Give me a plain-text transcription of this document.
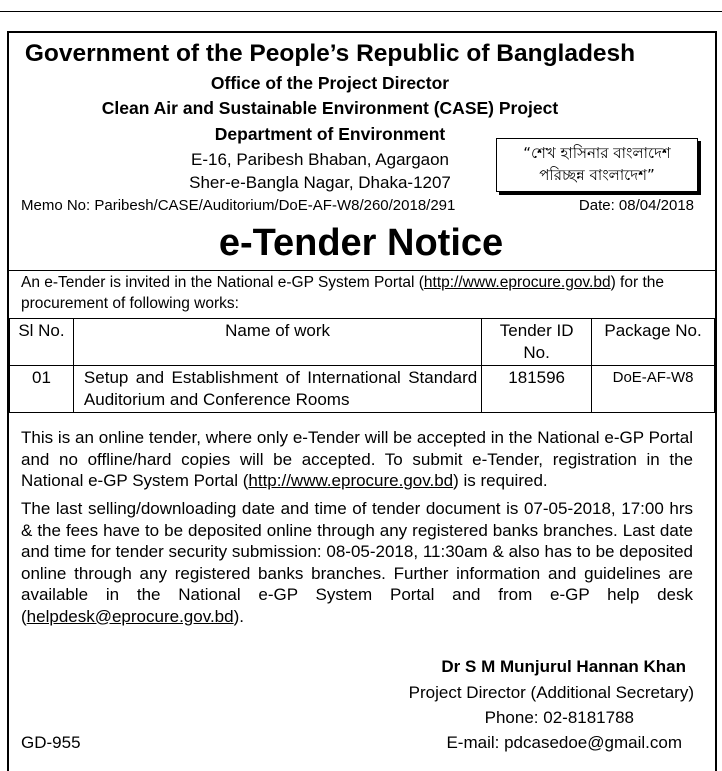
Government of the People’s Republic of Bangladesh
Office of the Project Director
Clean Air and Sustainable Environment (CASE) Project
Department of Environment
E-16, Paribesh Bhaban, Agargaon
Sher-e-Bangla Nagar, Dhaka-1207
“শেখ হাসিনার বাংলাদেশ
পরিচ্ছন্ন বাংলাদেশ”
Memo No: Paribesh/CASE/Auditorium/DoE-AF-W8/260/2018/291	Date: 08/04/2018
e-Tender Notice
An e-Tender is invited in the National e-GP System Portal (http://www.eprocure.gov.bd) for the procurement of following works:
Sl No.	Name of work	Tender ID No.	Package No.
01	Setup and Establishment of International Standard Auditorium and Conference Rooms	181596	DoE-AF-W8
This is an online tender, where only e-Tender will be accepted in the National e-GP Portal and no offline/hard copies will be accepted. To submit e-Tender, registration in the National e-GP System Portal (http://www.eprocure.gov.bd) is required.
The last selling/downloading date and time of tender document is 07-05-2018, 17:00 hrs & the fees have to be deposited online through any registered banks branches. Last date and time for tender security submission: 08-05-2018, 11:30am & also has to be deposited online through any registered banks branches. Further information and guidelines are available in the National e-GP System Portal and from e-GP help desk (helpdesk@eprocure.gov.bd).
Dr S M Munjurul Hannan Khan
Project Director (Additional Secretary)
Phone: 02-8181788
E-mail: pdcasedoe@gmail.com
GD-955
